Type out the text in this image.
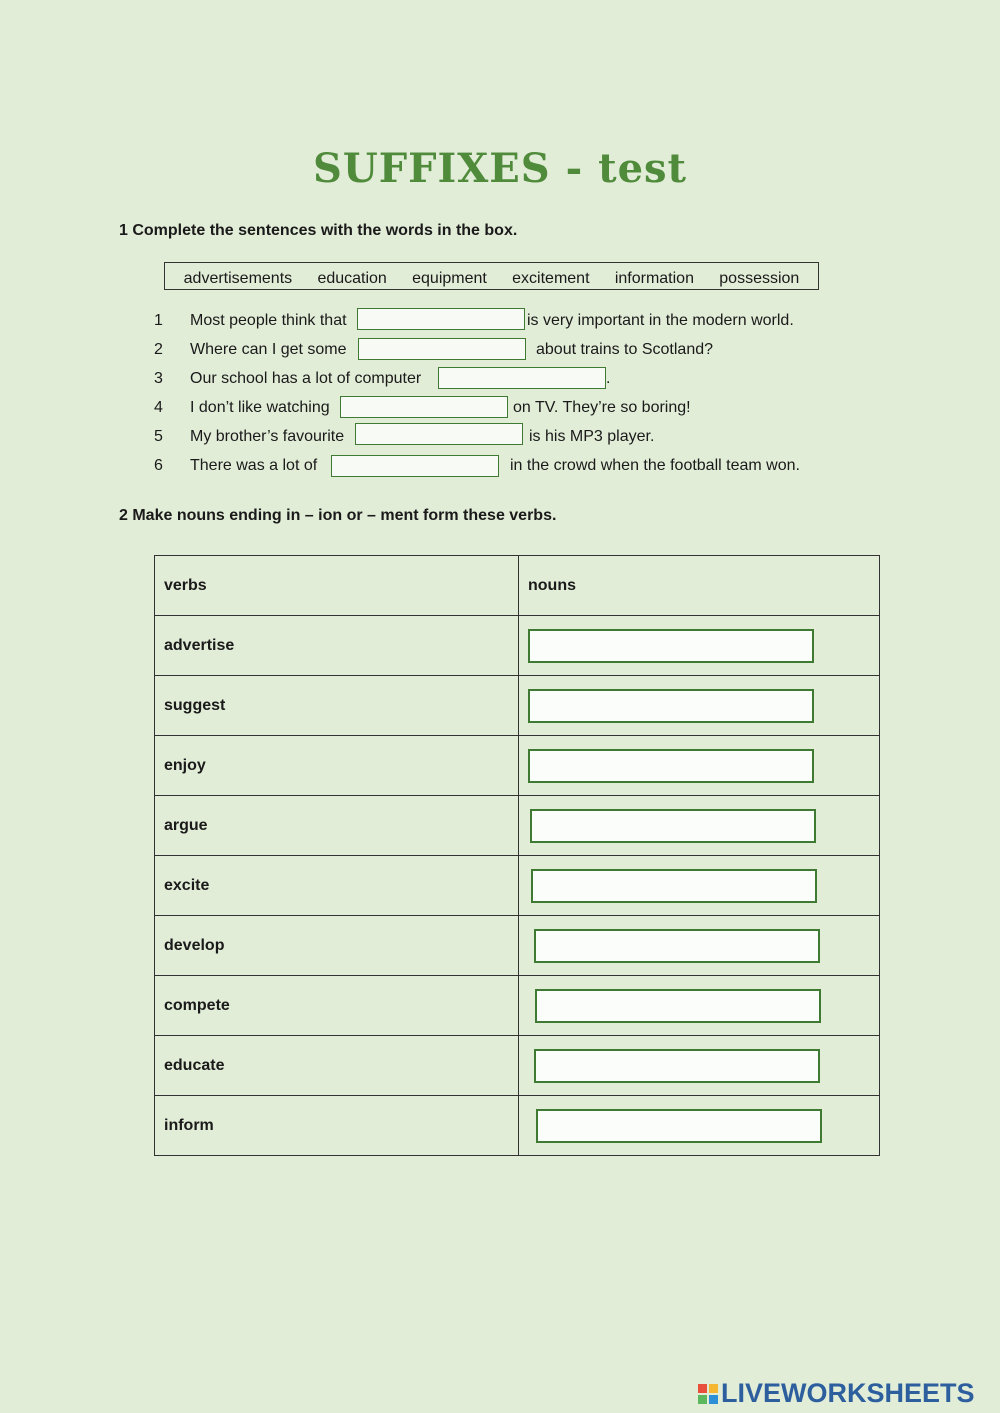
SUFFIXES - test
1 Complete the sentences with the words in the box.
advertisements education equipment excitement information possession
1 Most people think that	is very important in the modern world.
2 Where can I get some	about trains to Scotland?
3 Our school has a lot of computer	.
4 I don’t like watching	on TV. They’re so boring!
5 My brother’s favourite	is his MP3 player.
6 There was a lot of	in the crowd when the football team won.
2 Make nouns ending in – ion or – ment form these verbs.
verbs	nouns
advertise	
suggest	
enjoy	
argue	
excite	
develop	
compete	
educate	
inform	
LIVEWORKSHEETS
